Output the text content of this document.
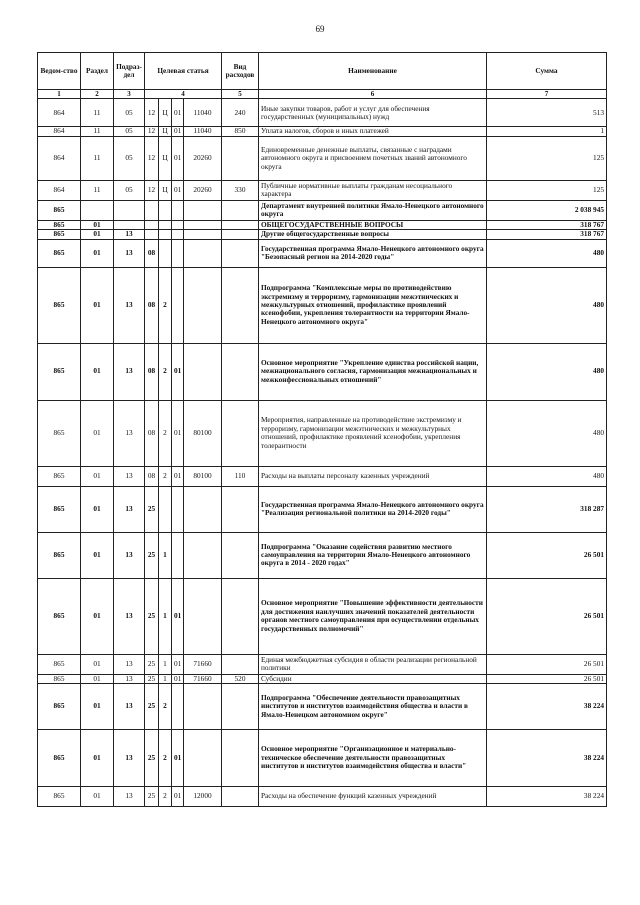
69
Ведом-ство	Раздел	Подраз-дел	Целевая статья				Вид расходов	Наименование	Сумма
1	2	3	4				5	6	7
864	11	05	12	Ц	01	11040	240	Иные закупки товаров, работ и услуг для обеспечения государственных (муниципальных) нужд	513
864	11	05	12	Ц	01	11040	850	Уплата налогов, сборов и иных платежей	1
864	11	05	12	Ц	01	20260		Единовременные денежные выплаты, связанные с наградами автономного округа и присвоением почетных званий автономного округа	125
864	11	05	12	Ц	01	20260	330	Публичные нормативные выплаты гражданам несоциального характера	125
865								Департамент внутренней политики Ямало-Ненецкого автономного округа	2 038 945
865	01							ОБЩЕГОСУДАРСТВЕННЫЕ ВОПРОСЫ	318 767
865	01	13						Другие общегосударственные вопросы	318 767
865	01	13	08					Государственная программа Ямало-Ненецкого автономного округа "Безопасный регион на 2014-2020 годы"	480
865	01	13	08	2				Подпрограмма "Комплексные меры по противодействию экстремизму и терроризму, гармонизации межэтнических и межкультурных отношений, профилактике проявлений ксенофобии, укрепления толерантности на территории Ямало-Ненецкого автономного округа"	480
865	01	13	08	2	01			Основное мероприятие "Укрепление единства российской нации, межнационального согласия, гармонизация межнациональных и межконфессиональных отношений"	480
865	01	13	08	2	01	80100		Мероприятия, направленные на противодействие экстремизму и терроризму, гармонизации межэтнических и межкультурных отношений, профилактике проявлений ксенофобии, укрепления толерантности	480
865	01	13	08	2	01	80100	110	Расходы на выплаты персоналу казенных учреждений	480
865	01	13	25					Государственная программа Ямало-Ненецкого автономного округа "Реализация региональной политики на 2014-2020 годы"	318 287
865	01	13	25	1				Подпрограмма "Оказание содействия развитию местного самоуправления на территории Ямало-Ненецкого автономного округа в 2014 - 2020 годах"	26 501
865	01	13	25	1	01			Основное мероприятие "Повышение эффективности деятельности для достижения наилучших значений показателей деятельности органов местного самоуправления при осуществлении отдельных государственных полномочий"	26 501
865	01	13	25	1	01	71660		Единая межбюджетная субсидия в области реализации региональной политики	26 501
865	01	13	25	1	01	71660	520	Субсидии	26 501
865	01	13	25	2				Подпрограмма "Обеспечение деятельности правозащитных институтов и институтов взаимодействия общества и власти в Ямало-Ненецком автономном округе"	38 224
865	01	13	25	2	01			Основное мероприятие "Организационное и материально-техническое обеспечение деятельности правозащитных институтов и институтов взаимодействия общества и власти"	38 224
865	01	13	25	2	01	12000		Расходы на обеспечение функций казенных учреждений	38 224
